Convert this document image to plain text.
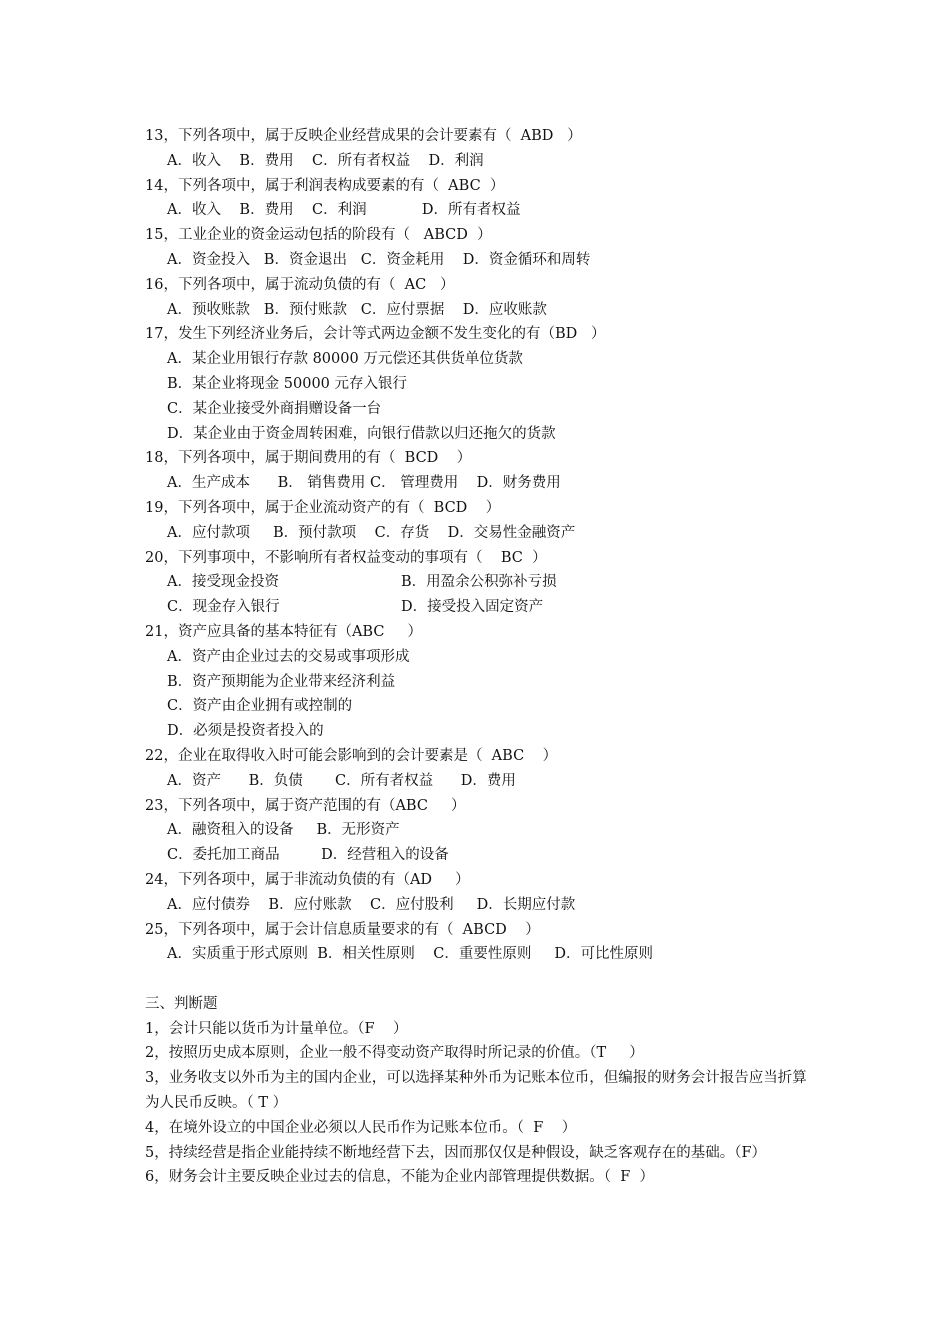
13，下列各项中，属于反映企业经营成果的会计要素有（  ABD   ）
A．收入    B．费用    C．所有者权益    D．利润
14，下列各项中，属于利润表构成要素的有（  ABC  ）
A．收入    B．费用    C．利润            D．所有者权益
15，工业企业的资金运动包括的阶段有（   ABCD  ）
A．资金投入   B．资金退出   C．资金耗用    D．资金循环和周转
16，下列各项中，属于流动负债的有（  AC   ）
A．预收账款   B．预付账款   C．应付票据    D．应收账款
17，发生下列经济业务后，会计等式两边金额不发生变化的有（BD   ）
A．某企业用银行存款 80000 万元偿还其供货单位货款
B．某企业将现金 50000 元存入银行
C．某企业接受外商捐赠设备一台
D．某企业由于资金周转困难，向银行借款以归还拖欠的货款
18，下列各项中，属于期间费用的有（  BCD    ）
A．生产成本      B． 销售费用 C． 管理费用    D．财务费用
19，下列各项中，属于企业流动资产的有（  BCD    ）
A．应付款项     B．预付款项    C．存货    D．交易性金融资产
20，下列事项中，不影响所有者权益变动的事项有（    BC  ）
A．接受现金投资	B．用盈余公积弥补亏损
C．现金存入银行	D．接受投入固定资产
21，资产应具备的基本特征有（ABC     ）
A．资产由企业过去的交易或事项形成
B．资产预期能为企业带来经济利益
C．资产由企业拥有或控制的
D．必须是投资者投入的
22，企业在取得收入时可能会影响到的会计要素是（  ABC    ）
A．资产      B．负债       C．所有者权益      D．费用
23，下列各项中，属于资产范围的有（ABC     ）
A．融资租入的设备     B．无形资产
C．委托加工商品         D．经营租入的设备
24，下列各项中，属于非流动负债的有（AD     ）
A．应付债券    B．应付账款    C．应付股利     D．长期应付款
25，下列各项中，属于会计信息质量要求的有（  ABCD    ）
A．实质重于形式原则  B．相关性原则    C．重要性原则     D．可比性原则
三、判断题
1，会计只能以货币为计量单位。（F    ）
2，按照历史成本原则，企业一般不得变动资产取得时所记录的价值。（T     ）
3，业务收支以外币为主的国内企业，可以选择某种外币为记账本位币，但编报的财务会计报告应当折算为人民币反映。（ T ）
4，在境外设立的中国企业必须以人民币作为记账本位币。（  F    ）
5，持续经营是指企业能持续不断地经营下去，因而那仅仅是种假设，缺乏客观存在的基础。（F）
6，财务会计主要反映企业过去的信息，不能为企业内部管理提供数据。（  F  ）
